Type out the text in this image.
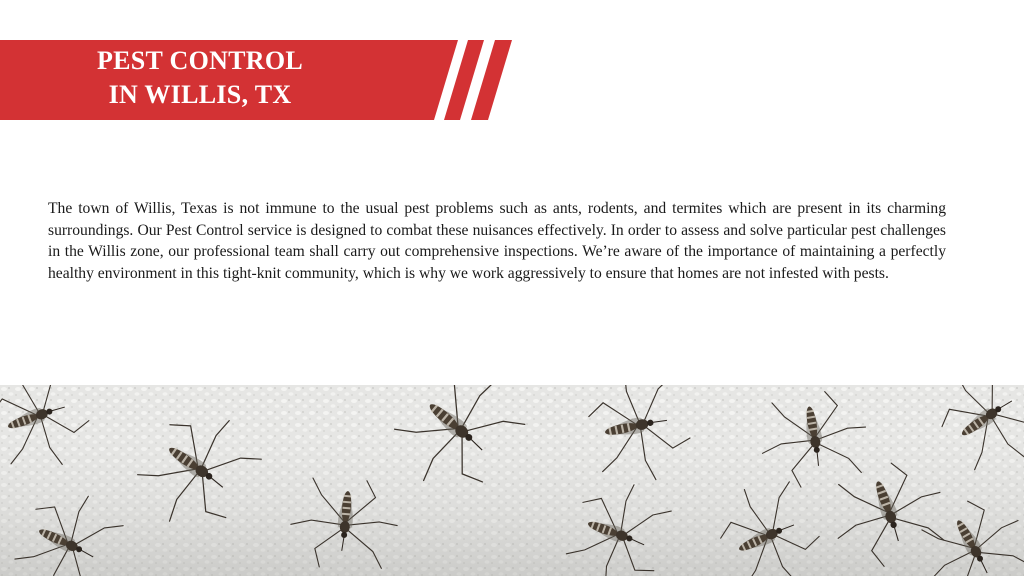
PEST CONTROL
IN WILLIS, TX

The town of Willis, Texas is not immune to the usual pest problems such as ants, rodents, and termites which are present in its charming surroundings. Our Pest Control service is designed to combat these nuisances effectively. In order to assess and solve particular pest challenges in the Willis zone, our professional team shall carry out comprehensive inspections. We’re aware of the importance of maintaining a perfectly healthy environment in this tight-knit community, which is why we work aggressively to ensure that homes are not infested with pests.
